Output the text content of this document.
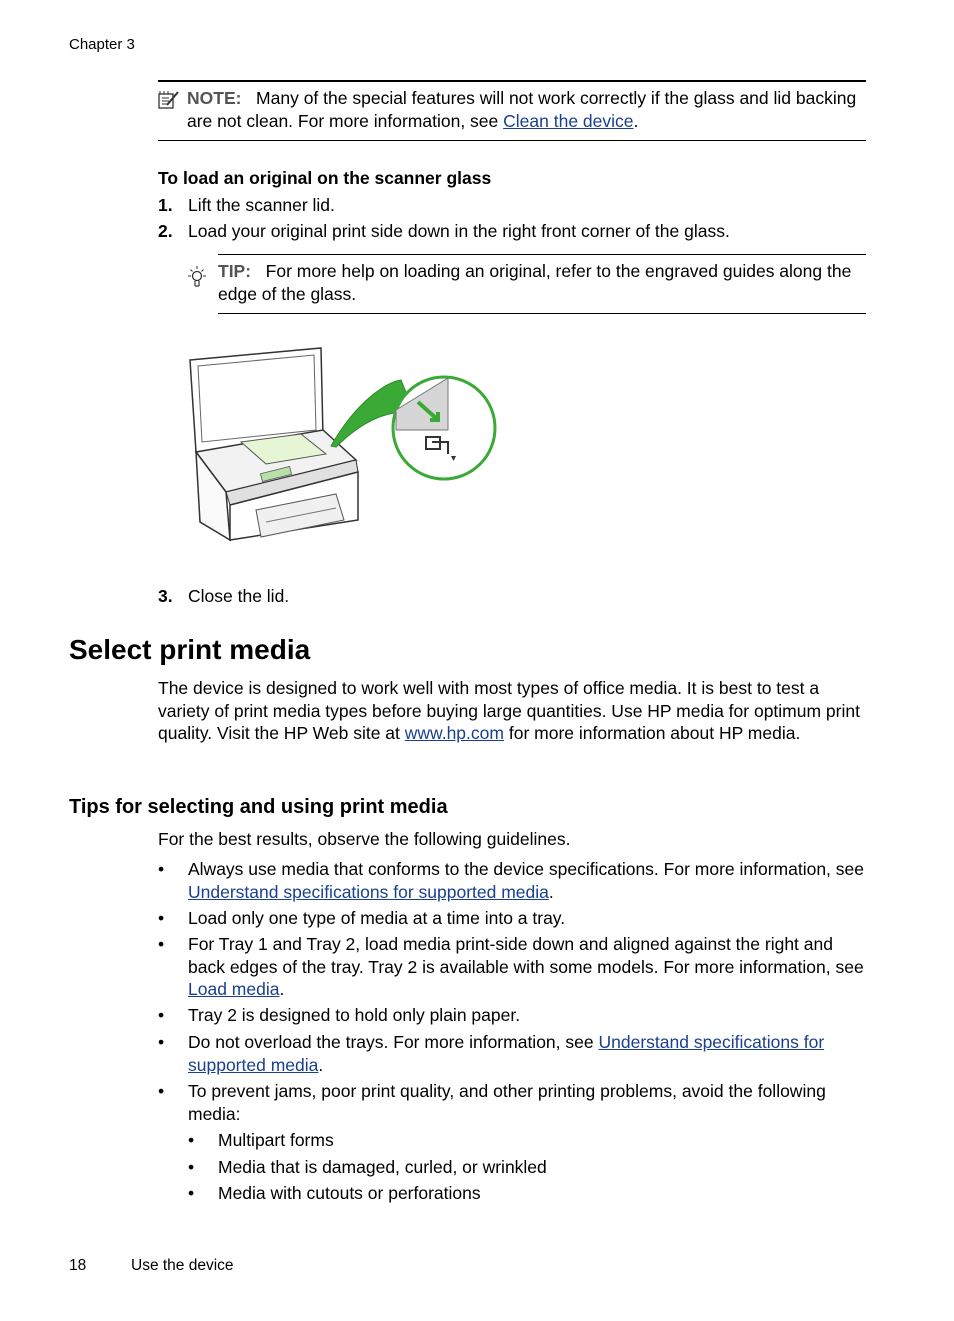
Chapter 3
NOTE: Many of the special features will not work correctly if the glass and lid backing are not clean. For more information, see Clean the device.
To load an original on the scanner glass
1. Lift the scanner lid.
2. Load your original print side down in the right front corner of the glass.
TIP: For more help on loading an original, refer to the engraved guides along the edge of the glass.
3. Close the lid.
Select print media
The device is designed to work well with most types of office media. It is best to test a variety of print media types before buying large quantities. Use HP media for optimum print quality. Visit the HP Web site at www.hp.com for more information about HP media.
Tips for selecting and using print media
For the best results, observe the following guidelines.
• Always use media that conforms to the device specifications. For more information, see Understand specifications for supported media.
• Load only one type of media at a time into a tray.
• For Tray 1 and Tray 2, load media print-side down and aligned against the right and back edges of the tray. Tray 2 is available with some models. For more information, see Load media.
• Tray 2 is designed to hold only plain paper.
• Do not overload the trays. For more information, see Understand specifications for supported media.
• To prevent jams, poor print quality, and other printing problems, avoid the following media:
• Multipart forms
• Media that is damaged, curled, or wrinkled
• Media with cutouts or perforations
18	Use the device
